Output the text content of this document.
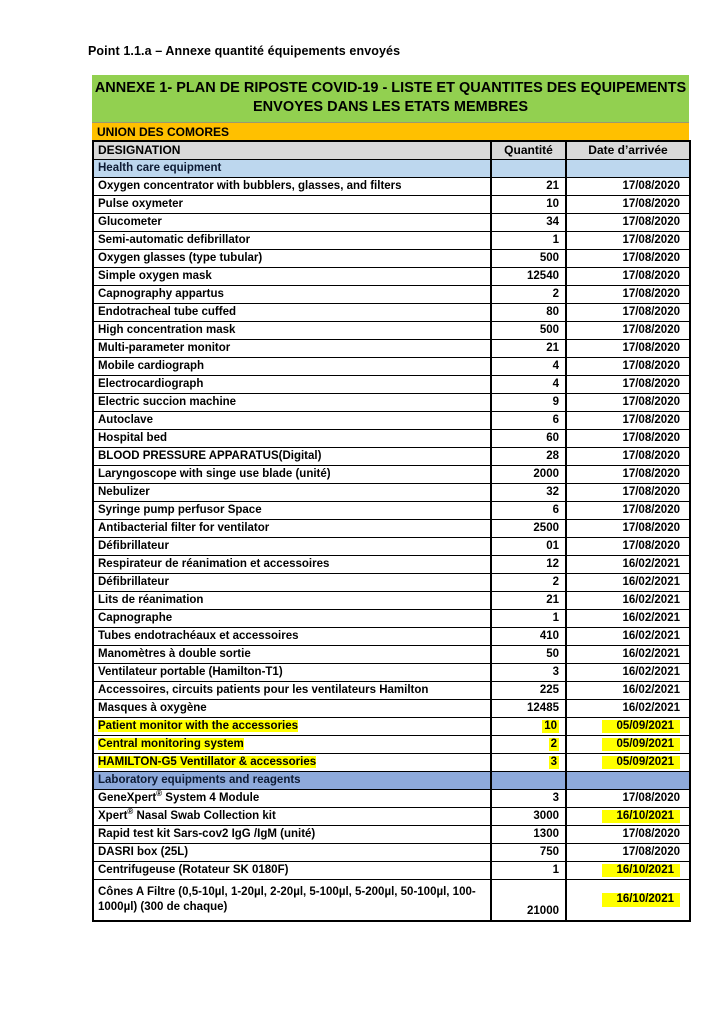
Point 1.1.a – Annexe quantité équipements envoyés
ANNEXE 1- PLAN DE RIPOSTE COVID-19 - LISTE ET QUANTITES DES EQUIPEMENTS
ENVOYES DANS LES ETATS MEMBRES
UNION DES COMORES
DESIGNATION	Quantité	Date d’arrivée
Health care equipment		
Oxygen concentrator with bubblers, glasses, and filters	21	17/08/2020
Pulse oxymeter	10	17/08/2020
Glucometer	34	17/08/2020
Semi-automatic defibrillator	1	17/08/2020
Oxygen glasses (type tubular)	500	17/08/2020
Simple oxygen mask	12540	17/08/2020
Capnography appartus	2	17/08/2020
Endotracheal tube cuffed	80	17/08/2020
High concentration mask	500	17/08/2020
Multi-parameter monitor	21	17/08/2020
Mobile cardiograph	4	17/08/2020
Electrocardiograph	4	17/08/2020
Electric succion machine	9	17/08/2020
Autoclave	6	17/08/2020
Hospital bed	60	17/08/2020
BLOOD PRESSURE APPARATUS(Digital)	28	17/08/2020
Laryngoscope with singe use blade (unité)	2000	17/08/2020
Nebulizer	32	17/08/2020
Syringe pump perfusor Space	6	17/08/2020
Antibacterial filter for ventilator	2500	17/08/2020
Défibrillateur	01	17/08/2020
Respirateur de réanimation et accessoires	12	16/02/2021
Défibrillateur	2	16/02/2021
Lits de réanimation	21	16/02/2021
Capnographe	1	16/02/2021
Tubes endotrachéaux et accessoires	410	16/02/2021
Manomètres à double sortie	50	16/02/2021
Ventilateur portable (Hamilton-T1)	3	16/02/2021
Accessoires, circuits patients pour les ventilateurs Hamilton	225	16/02/2021
Masques à oxygène	12485	16/02/2021
Patient monitor with the accessories	10	05/09/2021
Central monitoring system	2	05/09/2021
HAMILTON-G5 Ventillator & accessories	3	05/09/2021
Laboratory equipments and reagents		
GeneXpert® System 4 Module	3	17/08/2020
Xpert® Nasal Swab Collection kit	3000	16/10/2021
Rapid test kit Sars-cov2 IgG /IgM (unité)	1300	17/08/2020
DASRI box (25L)	750	17/08/2020
Centrifugeuse (Rotateur SK 0180F)	1	16/10/2021
Cônes A Filtre (0,5-10µl, 1-20µl, 2-20µl, 5-100µl, 5-200µl, 50-100µl, 100-1000µl) (300 de chaque)	21000	16/10/2021
